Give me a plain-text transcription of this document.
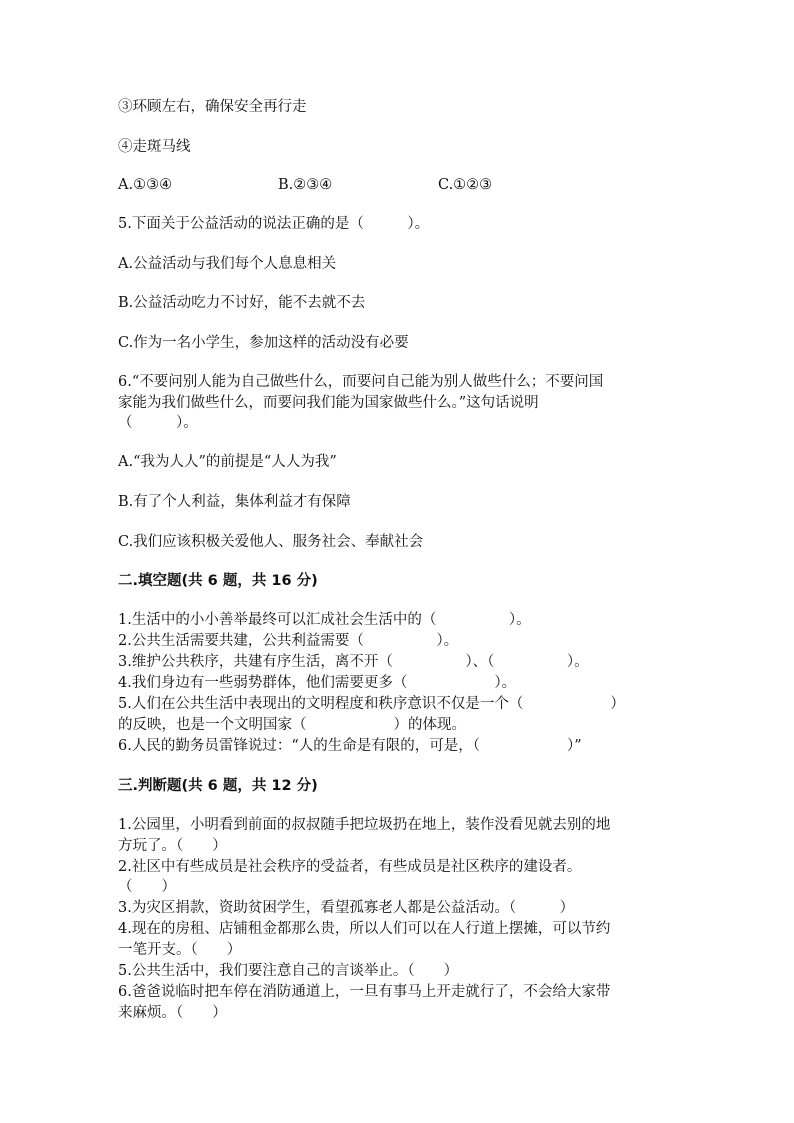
③环顾左右，确保安全再行走
④走斑马线
A.①③④	B.②③④	C.①②③
5.下面关于公益活动的说法正确的是（　　　）。
A.公益活动与我们每个人息息相关
B.公益活动吃力不讨好，能不去就不去
C.作为一名小学生，参加这样的活动没有必要
6.“不要问别人能为自己做些什么，而要问自己能为别人做些什么；不要问国
家能为我们做些什么，而要问我们能为国家做些什么。”这句话说明
（　　　）。
A.“我为人人”的前提是“人人为我”
B.有了个人利益，集体利益才有保障
C.我们应该积极关爱他人、服务社会、奉献社会
二.填空题(共 6 题，共 16 分)
1.生活中的小小善举最终可以汇成社会生活中的（　　　　　）。
2.公共生活需要共建，公共利益需要（　　　　　）。
3.维护公共秩序，共建有序生活，离不开（　　　　　）、（　　　　　）。
4.我们身边有一些弱势群体，他们需要更多（　　　　　　）。
5.人们在公共生活中表现出的文明程度和秩序意识不仅是一个（　　　　　　）
的反映，也是一个文明国家（　　　　　　）的体现。
6.人民的勤务员雷锋说过：“人的生命是有限的，可是，（　　　　　　）”
三.判断题(共 6 题，共 12 分)
1.公园里，小明看到前面的叔叔随手把垃圾扔在地上，装作没看见就去别的地
方玩了。（　　）
2.社区中有些成员是社会秩序的受益者，有些成员是社区秩序的建设者。
（　　）
3.为灾区捐款，资助贫困学生，看望孤寡老人都是公益活动。（　　　）
4.现在的房租、店铺租金都那么贵，所以人们可以在人行道上摆摊，可以节约
一笔开支。（　　）
5.公共生活中，我们要注意自己的言谈举止。（　　）
6.爸爸说临时把车停在消防通道上，一旦有事马上开走就行了，不会给大家带
来麻烦。（　　）
